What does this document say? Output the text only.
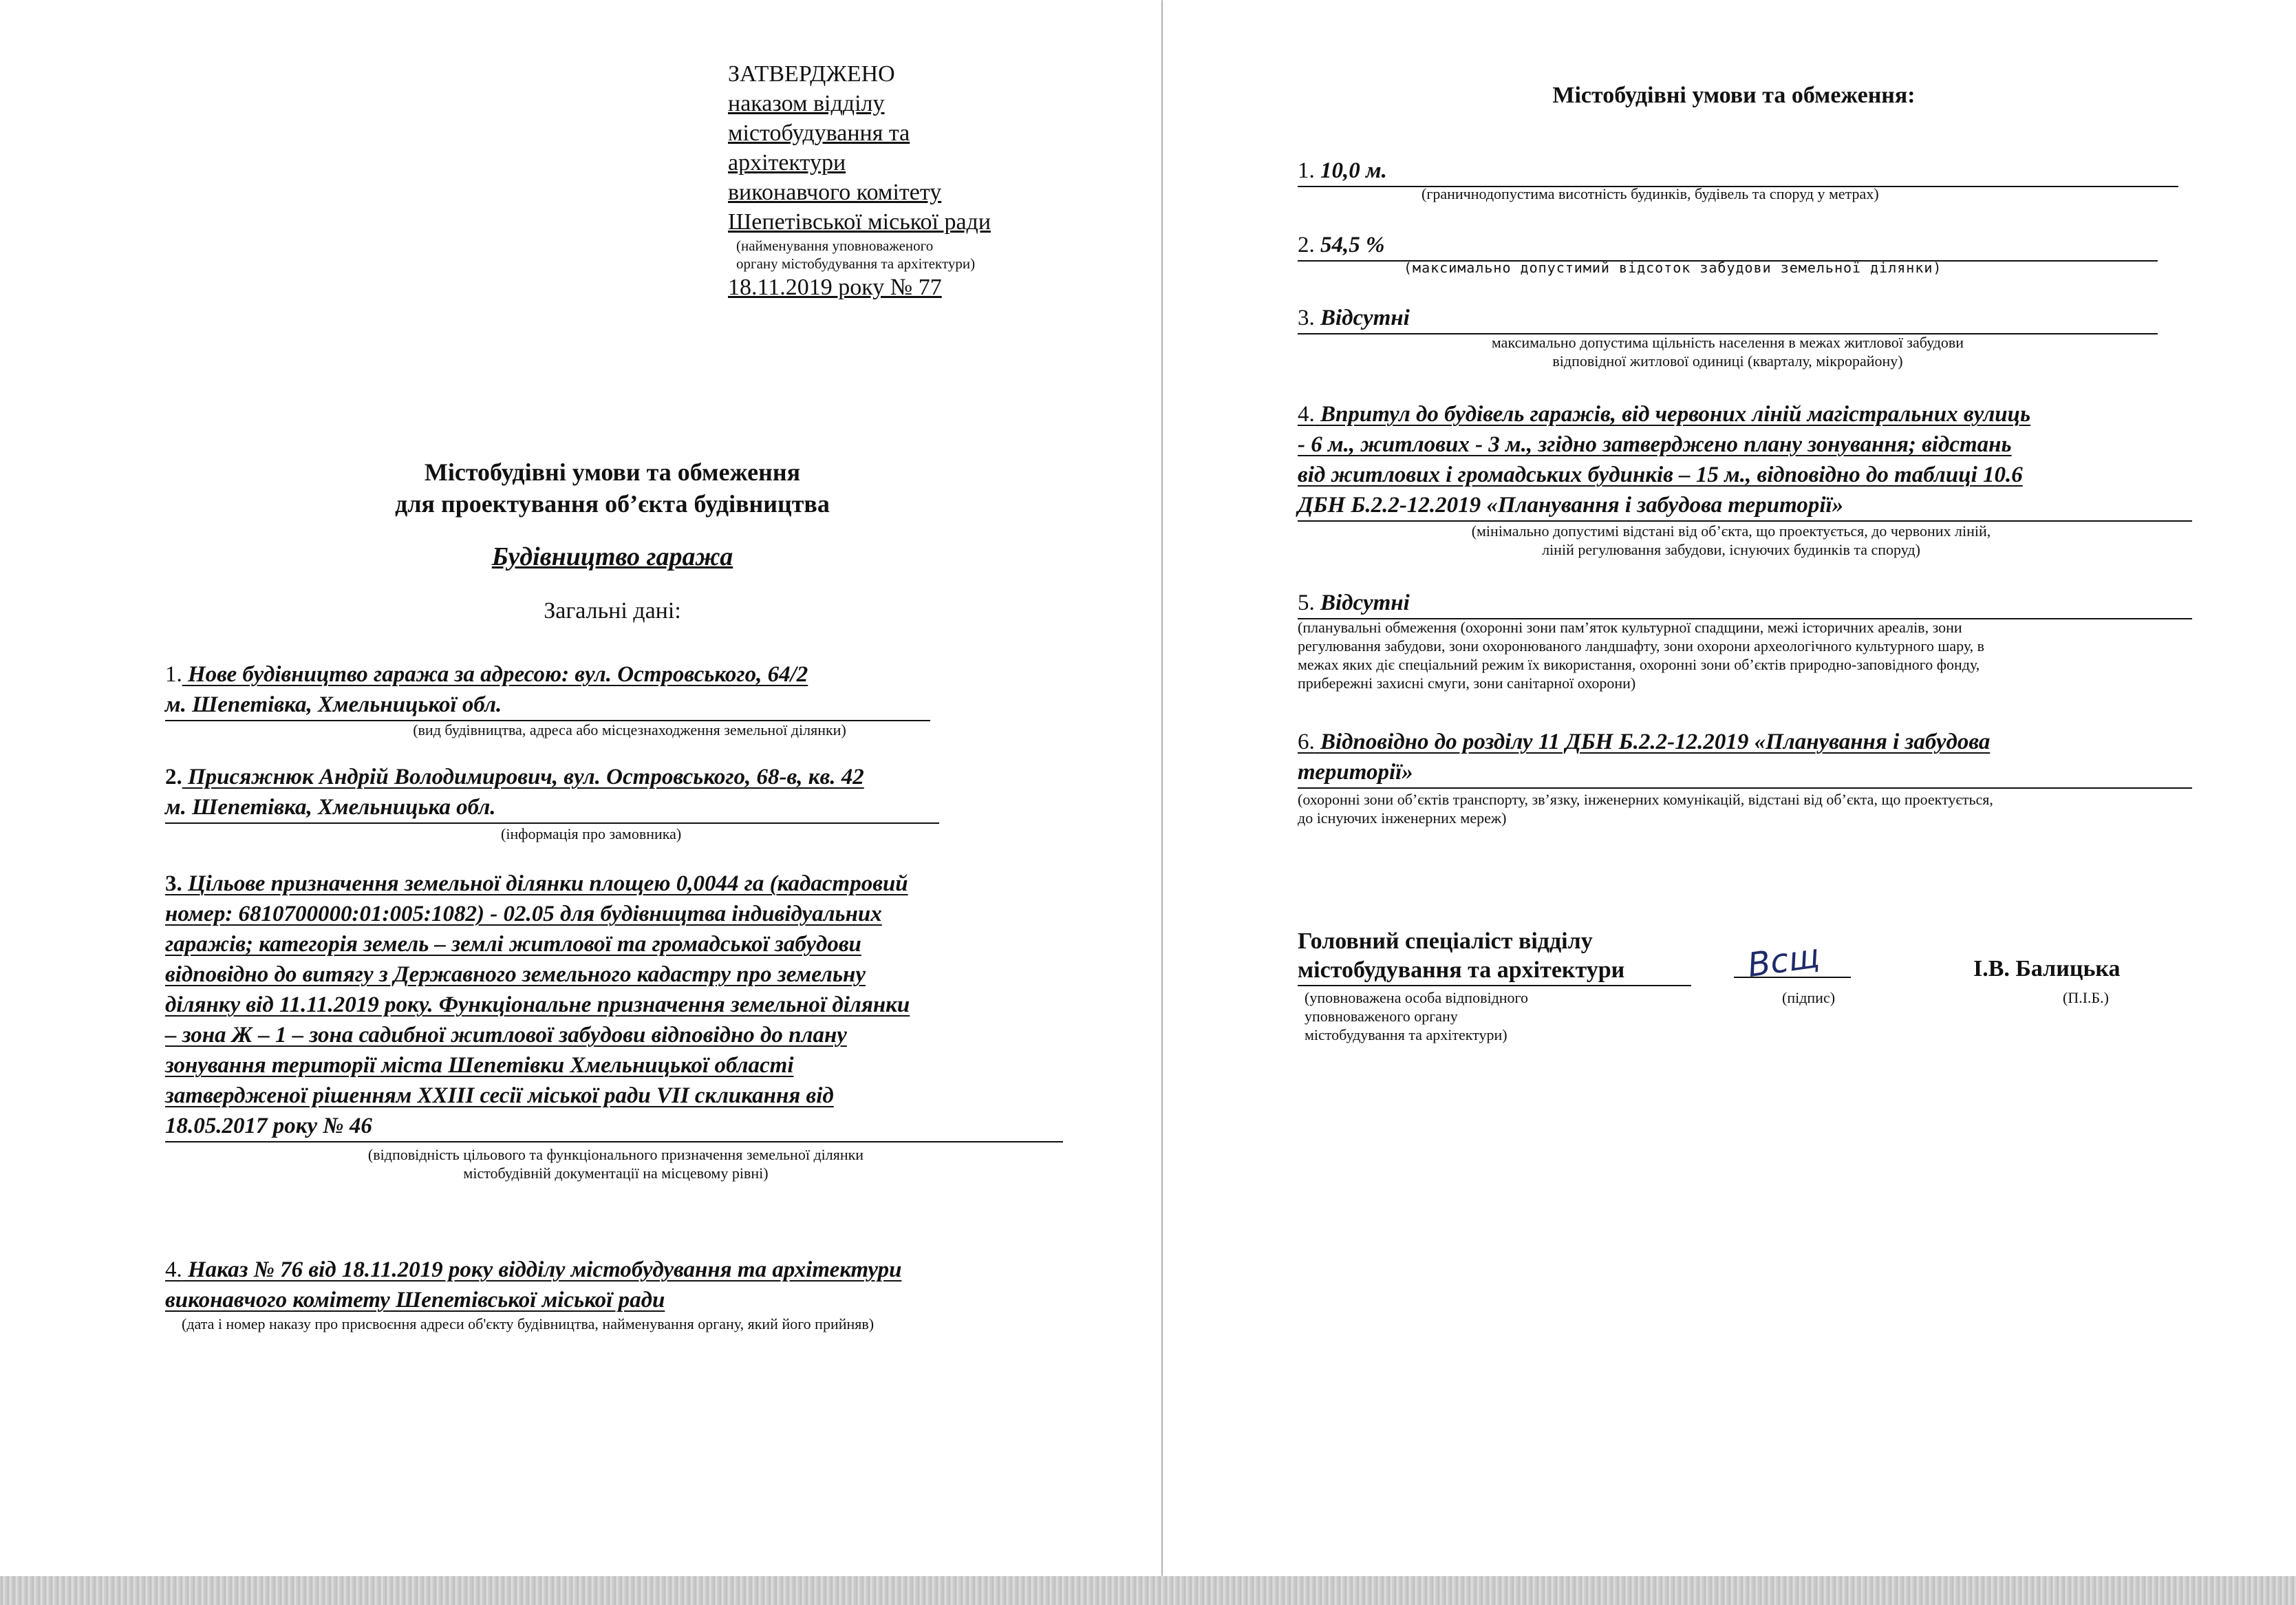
ЗАТВЕРДЖЕНО
наказом відділу
містобудування та
архітектури
виконавчого комітету
Шепетівської міської ради
(найменування уповноваженого
органу містобудування та архітектури)
18.11.2019 року № 77
Містобудівні умови та обмеження
для проектування об’єкта будівництва
Будівництво гаража
Загальні дані:
1. Нове будівництво гаража за адресою: вул. Островського, 64/2
м. Шепетівка, Хмельницької обл.
(вид будівництва, адреса або місцезнаходження земельної ділянки)
2. Присяжнюк Андрій Володимирович, вул. Островського, 68-в, кв. 42
м. Шепетівка, Хмельницька обл.
(інформація про замовника)
3. Цільове призначення земельної ділянки площею 0,0044 га (кадастровий
номер: 6810700000:01:005:1082) - 02.05 для будівництва індивідуальних
гаражів; категорія земель – землі житлової та громадської забудови
відповідно до витягу з Державного земельного кадастру про земельну
ділянку від 11.11.2019 року. Функціональне призначення земельної ділянки
– зона Ж – 1 – зона садибної житлової забудови відповідно до плану
зонування території міста Шепетівки Хмельницької області
затвердженої рішенням XXIII сесії міської ради VII скликання від
18.05.2017 року № 46
(відповідність цільового та функціонального призначення земельної ділянки
містобудівній документації на місцевому рівні)
4. Наказ № 76 від 18.11.2019 року відділу містобудування та архітектури
виконавчого комітету Шепетівської міської ради
(дата і номер наказу про присвоєння адреси об'єкту будівництва, найменування органу, який його прийняв)
Містобудівні умови та обмеження:
1. 10,0 м.
(граничнодопустима висотність будинків, будівель та споруд у метрах)
2. 54,5 %
(максимально допустимий відсоток забудови земельної ділянки)
3. Відсутні
максимально допустима щільність населення в межах житлової забудови
відповідної житлової одиниці (кварталу, мікрорайону)
4. Впритул до будівель гаражів, від червоних ліній магістральних вулиць
- 6 м., житлових - 3 м., згідно затверджено плану зонування; відстань
від житлових і громадських будинків – 15 м., відповідно до таблиці 10.6
ДБН Б.2.2-12.2019 «Планування і забудова території»
(мінімально допустимі відстані від об’єкта, що проектується, до червоних ліній,
ліній регулювання забудови, існуючих будинків та споруд)
5. Відсутні
(планувальні обмеження (охоронні зони пам’яток культурної спадщини, межі історичних ареалів, зони
регулювання забудови, зони охоронюваного ландшафту, зони охорони археологічного культурного шару, в
межах яких діє спеціальний режим їх використання, охоронні зони об’єктів природно-заповідного фонду,
прибережні захисні смуги, зони санітарної охорони)
6. Відповідно до розділу 11 ДБН Б.2.2-12.2019 «Планування і забудова
території»
(охоронні зони об’єктів транспорту, зв’язку, інженерних комунікацій, відстані від об’єкта, що проектується,
до існуючих інженерних мереж)
Головний спеціаліст відділу
містобудування та архітектури
(уповноважена особа відповідного
уповноваженого органу
містобудування та архітектури)
Всщ
(підпис)
І.В. Балицька
(П.І.Б.)
